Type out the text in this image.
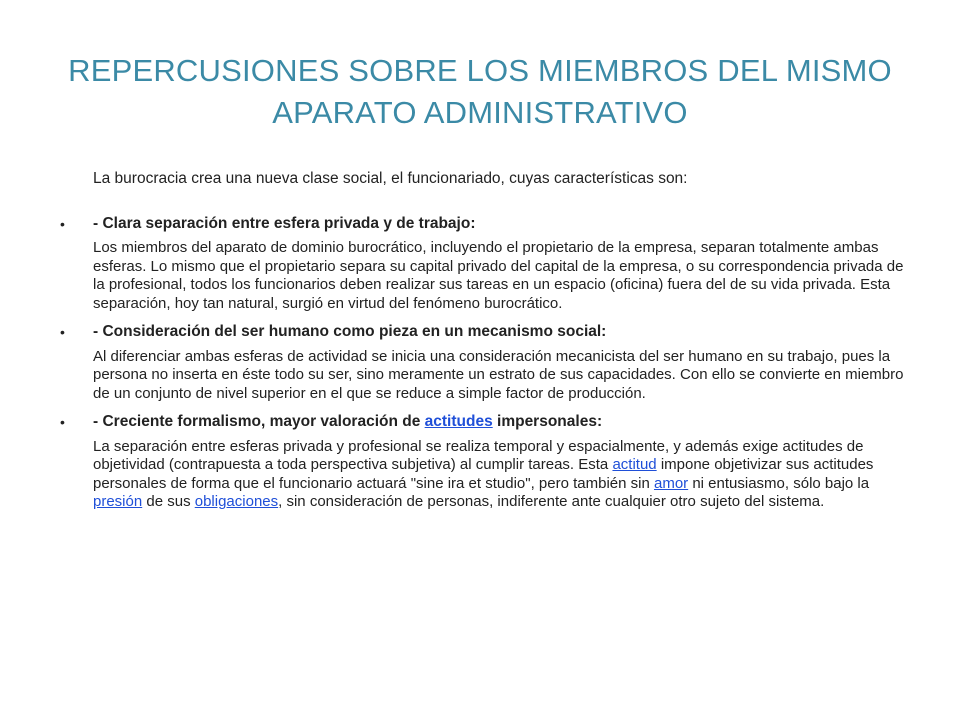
REPERCUSIONES SOBRE LOS MIEMBROS DEL MISMO
APARATO ADMINISTRATIVO
La burocracia crea una nueva clase social, el funcionariado, cuyas características son:
• - Clara separación entre esfera privada y de trabajo:
Los miembros del aparato de dominio burocrático, incluyendo el propietario de la empresa, separan totalmente ambas esferas. Lo mismo que el propietario separa su capital privado del capital de la empresa, o su correspondencia privada de la profesional, todos los funcionarios deben realizar sus tareas en un espacio (oficina) fuera del de su vida privada. Esta separación, hoy tan natural, surgió en virtud del fenómeno burocrático.
• - Consideración del ser humano como pieza en un mecanismo social:
Al diferenciar ambas esferas de actividad se inicia una consideración mecanicista del ser humano en su trabajo, pues la persona no inserta en éste todo su ser, sino meramente un estrato de sus capacidades. Con ello se convierte en miembro de un conjunto de nivel superior en el que se reduce a simple factor de producción.
• - Creciente formalismo, mayor valoración de actitudes impersonales:
La separación entre esferas privada y profesional se realiza temporal y espacialmente, y además exige actitudes de objetividad (contrapuesta a toda perspectiva subjetiva) al cumplir tareas. Esta actitud impone objetivizar sus actitudes personales de forma que el funcionario actuará "sine ira et studio", pero también sin amor ni entusiasmo, sólo bajo la presión de sus obligaciones, sin consideración de personas, indiferente ante cualquier otro sujeto del sistema.
